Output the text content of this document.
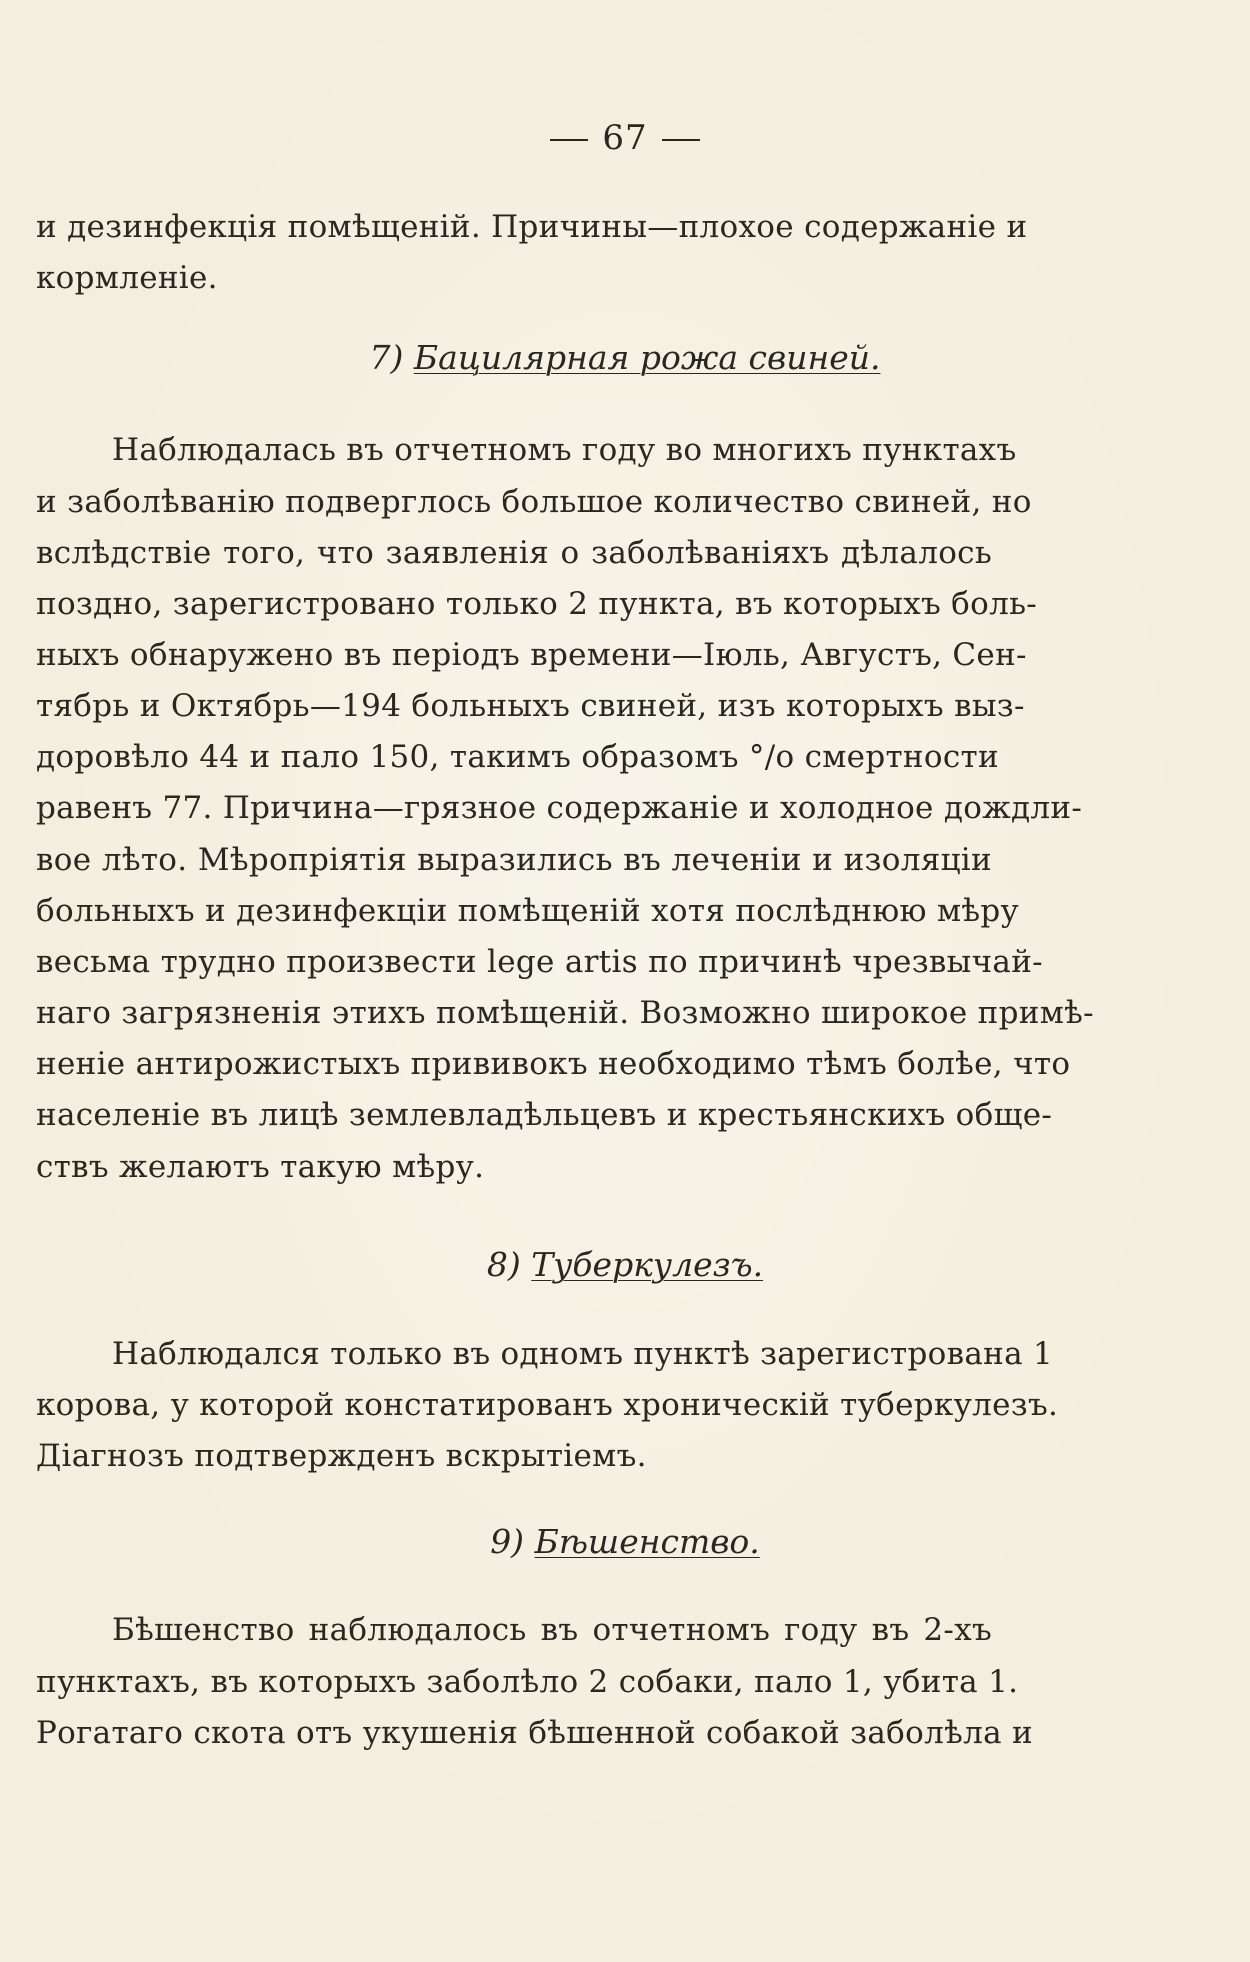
67
и дезинфекція помѣщеній. Причины—плохое содержаніе и
кормленіе.
7) Бацилярная рожа свиней.
Наблюдалась въ отчетномъ году во многихъ пунктахъ
и заболѣванію подверглось большое количество свиней, но
вслѣдствіе того, что заявленія о заболѣваніяхъ дѣлалось
поздно, зарегистровано только 2 пункта, въ которыхъ боль-
ныхъ обнаружено въ періодъ времени—Іюль, Августъ, Сен-
тябрь и Октябрь—194 больныхъ свиней, изъ которыхъ выз-
доровѣло 44 и пало 150, такимъ образомъ °/o смертности
равенъ 77. Причина—грязное содержаніе и холодное дождли-
вое лѣто. Мѣропріятія выразились въ леченіи и изоляціи
больныхъ и дезинфекціи помѣщеній хотя послѣднюю мѣру
весьма трудно произвести lege artis по причинѣ чрезвычай-
наго загрязненія этихъ помѣщеній. Возможно широкое примѣ-
неніе антирожистыхъ прививокъ необходимо тѣмъ болѣе, что
населеніе въ лицѣ землевладѣльцевъ и крестьянскихъ обще-
ствъ желаютъ такую мѣру.
8) Туберкулезъ.
Наблюдался только въ одномъ пунктѣ зарегистрована 1
корова, у которой констатированъ хроническій туберкулезъ.
Діагнозъ подтвержденъ вскрытіемъ.
9) Бѣшенство.
Бѣшенство наблюдалось въ отчетномъ году въ 2-хъ
пунктахъ, въ которыхъ заболѣло 2 собаки, пало 1, убита 1.
Рогатаго скота отъ укушенія бѣшенной собакой заболѣла и
